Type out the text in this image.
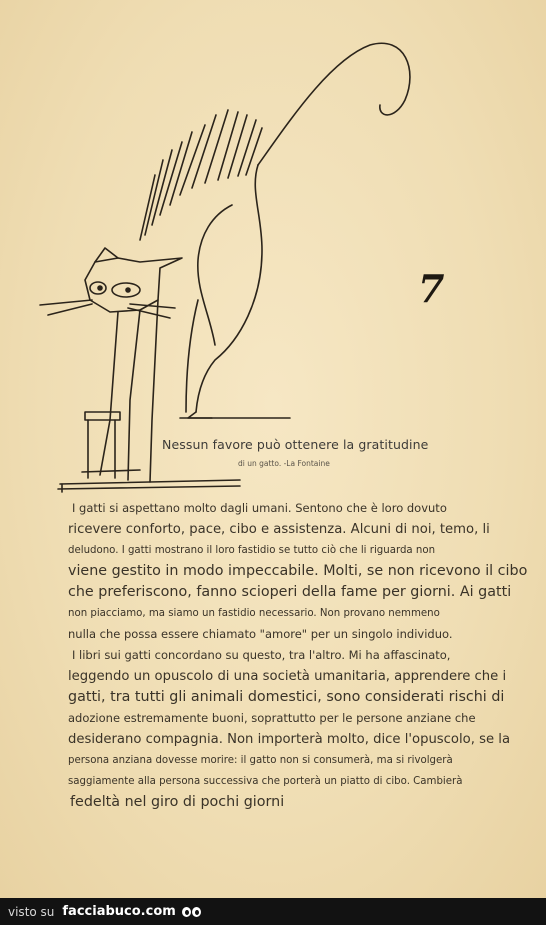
7
Nessun favore può ottenere la gratitudine
di un gatto. -La Fontaine
I gatti si aspettano molto dagli umani. Sentono che è loro dovuto
ricevere conforto, pace, cibo e assistenza. Alcuni di noi, temo, li
deludono. I gatti mostrano il loro fastidio se tutto ciò che li riguarda non
viene gestito in modo impeccabile. Molti, se non ricevono il cibo
che preferiscono, fanno scioperi della fame per giorni. Ai gatti
non piacciamo, ma siamo un fastidio necessario. Non provano nemmeno
nulla che possa essere chiamato "amore" per un singolo individuo.
I libri sui gatti concordano su questo, tra l'altro. Mi ha affascinato,
leggendo un opuscolo di una società umanitaria, apprendere che i
gatti, tra tutti gli animali domestici, sono considerati rischi di
adozione estremamente buoni, soprattutto per le persone anziane che
desiderano compagnia. Non importerà molto, dice l'opuscolo, se la
persona anziana dovesse morire: il gatto non si consumerà, ma si rivolgerà
saggiamente alla persona successiva che porterà un piatto di cibo. Cambierà
fedeltà nel giro di pochi giorni
visto su facciabuco.com
